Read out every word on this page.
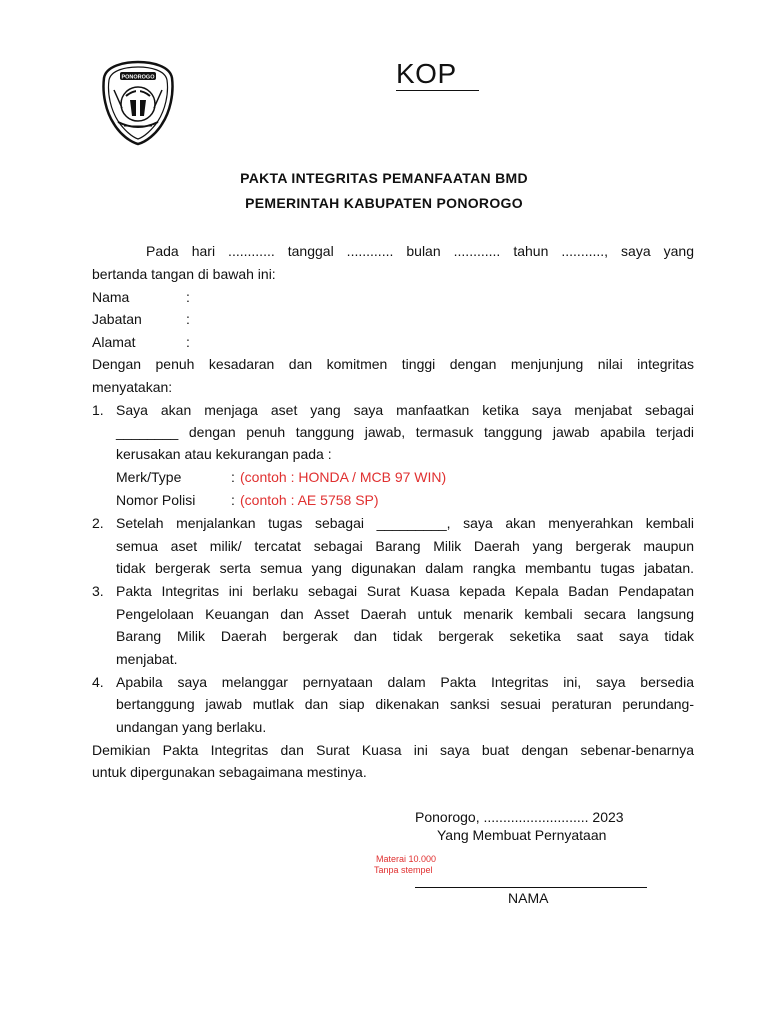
PONOROGO	KOP
PAKTA INTEGRITAS PEMANFAATAN BMD
PEMERINTAH KABUPATEN PONOROGO
Pada hari ............ tanggal ............ bulan ............ tahun ..........., saya yang
bertanda tangan di bawah ini:
Nama	:
Jabatan	:
Alamat	:
Dengan penuh kesadaran dan komitmen tinggi dengan menjunjung nilai integritas
menyatakan:
1. Saya akan menjaga aset yang saya manfaatkan ketika saya menjabat sebagai
________ dengan penuh tanggung jawab, termasuk tanggung jawab apabila terjadi
kerusakan atau kekurangan pada :
Merk/Type	: (contoh : HONDA / MCB 97 WIN)
Nomor Polisi	: (contoh : AE 5758 SP)
2. Setelah menjalankan tugas sebagai _________, saya akan menyerahkan kembali
semua aset milik/ tercatat sebagai Barang Milik Daerah yang bergerak maupun
tidak bergerak serta semua yang digunakan dalam rangka membantu tugas jabatan.
3. Pakta Integritas ini berlaku sebagai Surat Kuasa kepada Kepala Badan Pendapatan
Pengelolaan Keuangan dan Asset Daerah untuk menarik kembali secara langsung
Barang Milik Daerah bergerak dan tidak bergerak seketika saat saya tidak
menjabat.
4. Apabila saya melanggar pernyataan dalam Pakta Integritas ini, saya bersedia
bertanggung jawab mutlak dan siap dikenakan sanksi sesuai peraturan perundang-
undangan yang berlaku.
Demikian Pakta Integritas dan Surat Kuasa ini saya buat dengan sebenar-benarnya
untuk dipergunakan sebagaimana mestinya.
Ponorogo, ........................... 2023
Yang Membuat Pernyataan
Materai 10.000
Tanpa stempel
NAMA
